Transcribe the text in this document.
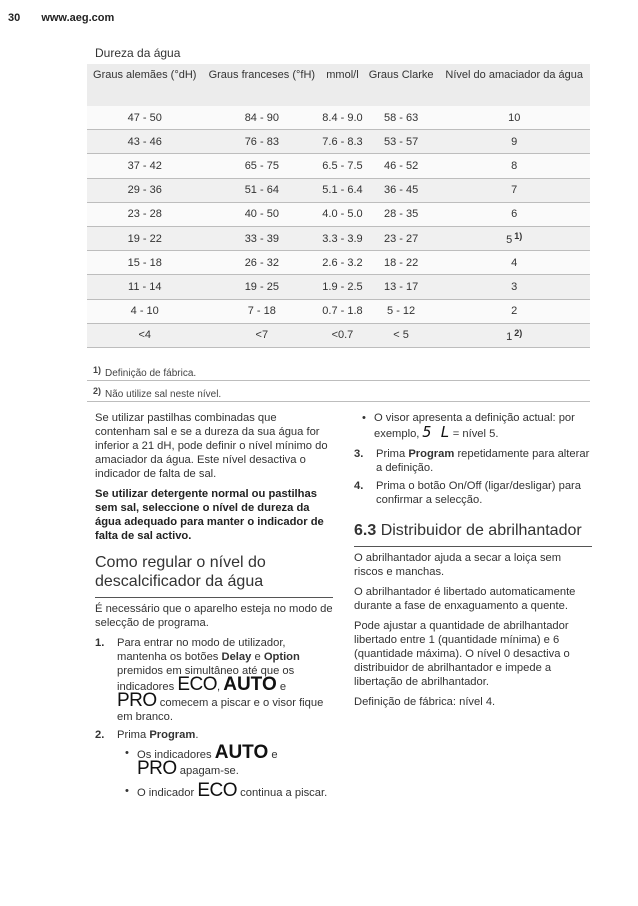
30 www.aeg.com
Dureza da água
Graus alemães (°dH)	Graus franceses (°fH)	mmol/l	Graus Clarke	Nível do amaciador da água
47 - 50	84 - 90	8.4 - 9.0	58 - 63	10
43 - 46	76 - 83	7.6 - 8.3	53 - 57	9
37 - 42	65 - 75	6.5 - 7.5	46 - 52	8
29 - 36	51 - 64	5.1 - 6.4	36 - 45	7
23 - 28	40 - 50	4.0 - 5.0	28 - 35	6
19 - 22	33 - 39	3.3 - 3.9	23 - 27	5 $^{1)}$
15 - 18	26 - 32	2.6 - 3.2	18 - 22	4
11 - 14	19 - 25	1.9 - 2.5	13 - 17	3
4 - 10	7 - 18	0.7 - 1.8	5 - 12	2
<4	<7	<0.7	< 5	1 $^{2)}$
1) Definição de fábrica.
2) Não utilize sal neste nível.

Se utilizar pastilhas combinadas que contenham sal e se a dureza da sua água for inferior a 21 dH, pode definir o nível mínimo do amaciador da água. Este nível desactiva o indicador de falta de sal.

Se utilizar detergente normal ou pastilhas sem sal, seleccione o nível de dureza da água adequado para manter o indicador de falta de sal activo.

Como regular o nível do descalcificador da água

É necessário que o aparelho esteja no modo de selecção de programa.

1.	Para entrar no modo de utilizador, mantenha os botões Delay e Option premidos em simultâneo até que os indicadores ECO, AUTO e
PRO comecem a piscar e o visor fique em branco.
2.	Prima Program.
• Os indicadores AUTO e
PRO apagam-se.
• O indicador ECO continua a piscar.
• O visor apresenta a definição actual: por exemplo, 5 L = nível 5.
3.	Prima Program repetidamente para alterar a definição.
4.	Prima o botão On/Off (ligar/desligar) para confirmar a selecção.
6.3 Distribuidor de abrilhantador

O abrilhantador ajuda a secar a loiça sem riscos e manchas.

O abrilhantador é libertado automaticamente durante a fase de enxaguamento a quente.

Pode ajustar a quantidade de abrilhantador libertado entre 1 (quantidade mínima) e 6 (quantidade máxima). O nível 0 desactiva o distribuidor de abrilhantador e impede a libertação de abrilhantador.

Definição de fábrica: nível 4.
